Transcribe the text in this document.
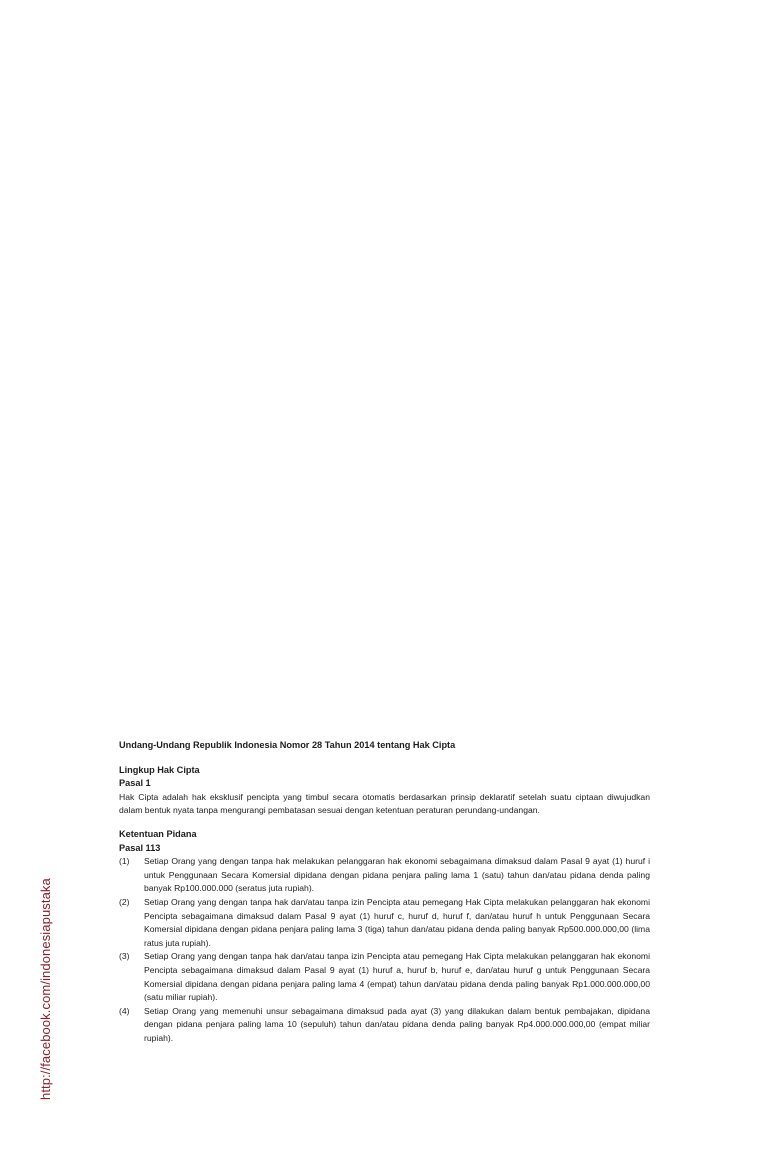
http://facebook.com/indonesiapustaka

Undang-Undang Republik Indonesia Nomor 28 Tahun 2014 tentang Hak Cipta

Lingkup Hak Cipta

Pasal 1

Hak Cipta adalah hak eksklusif pencipta yang timbul secara otomatis berdasarkan prinsip deklaratif setelah suatu ciptaan diwujudkan dalam bentuk nyata tanpa mengurangi pembatasan sesuai dengan ketentuan peraturan perundang-undangan.

Ketentuan Pidana

Pasal 113

(1)	Setiap Orang yang dengan tanpa hak melakukan pelanggaran hak ekonomi sebagaimana dimaksud dalam Pasal 9 ayat (1) huruf i untuk Penggunaan Secara Komersial dipidana dengan pidana penjara paling lama 1 (satu) tahun dan/atau pidana denda paling banyak Rp100.000.000 (seratus juta rupiah).
(2)	Setiap Orang yang dengan tanpa hak dan/atau tanpa izin Pencipta atau pemegang Hak Cipta melakukan pelanggaran hak ekonomi Pencipta sebagaimana dimaksud dalam Pasal 9 ayat (1) huruf c, huruf d, huruf f, dan/atau huruf h untuk Penggunaan Secara Komersial dipidana dengan pidana penjara paling lama 3 (tiga) tahun dan/atau pidana denda paling banyak Rp500.000.000,00 (lima ratus juta rupiah).
(3)	Setiap Orang yang dengan tanpa hak dan/atau tanpa izin Pencipta atau pemegang Hak Cipta melakukan pelanggaran hak ekonomi Pencipta sebagaimana dimaksud dalam Pasal 9 ayat (1) huruf a, huruf b, huruf e, dan/atau huruf g untuk Penggunaan Secara Komersial dipidana dengan pidana penjara paling lama 4 (empat) tahun dan/atau pidana denda paling banyak Rp1.000.000.000,00 (satu miliar rupiah).
(4)	Setiap Orang yang memenuhi unsur sebagaimana dimaksud pada ayat (3) yang dilakukan dalam bentuk pembajakan, dipidana dengan pidana penjara paling lama 10 (sepuluh) tahun dan/atau pidana denda paling banyak Rp4.000.000.000,00 (empat miliar rupiah).
